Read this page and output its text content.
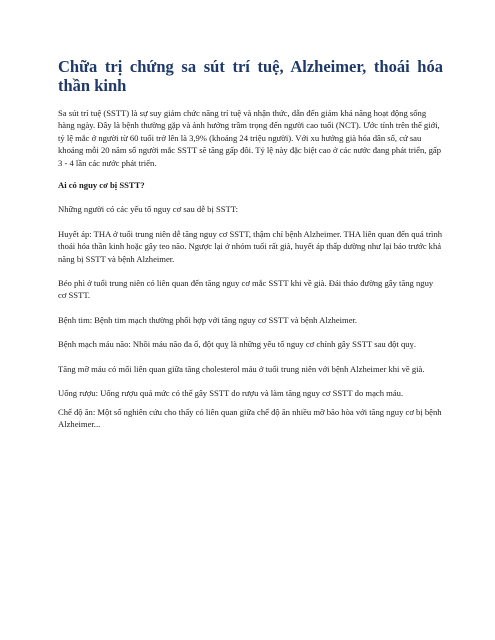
Chữa trị chứng sa sút trí tuệ, Alzheimer, thoái hóa thần kinh

Sa sút trí tuệ (SSTT) là sự suy giảm chức năng trí tuệ và nhận thức, dẫn đến giảm khả năng hoạt động sống hàng ngày. Đây là bệnh thường gặp và ảnh hưởng trầm trọng đến người cao tuổi (NCT). Ước tính trên thế giới, tỷ lệ mắc ở người từ 60 tuổi trở lên là 3,9% (khoảng 24 triệu người). Với xu hướng già hóa dân số, cứ sau khoảng mỗi 20 năm số người mắc SSTT sẽ tăng gấp đôi. Tỷ lệ này đặc biệt cao ở các nước đang phát triển, gấp 3 - 4 lần các nước phát triển.

Ai có nguy cơ bị SSTT?

Những người có các yếu tố nguy cơ sau dễ bị SSTT:

Huyết áp: THA ở tuổi trung niên dễ tăng nguy cơ SSTT, thậm chí bệnh Alzheimer. THA liên quan đến quá trình thoái hóa thần kinh hoặc gây teo não. Ngược lại ở nhóm tuổi rất già, huyết áp thấp dường như lại báo trước khả năng bị SSTT và bệnh Alzheimer.

Béo phì ở tuổi trung niên có liên quan đến tăng nguy cơ mắc SSTT khi về già. Đái tháo đường gây tăng nguy cơ SSTT.

Bệnh tim: Bệnh tim mạch thường phối hợp với tăng nguy cơ SSTT và bệnh Alzheimer.

Bệnh mạch máu não: Nhồi máu não đa ổ, đột quỵ là những yếu tố nguy cơ chính gây SSTT sau đột quỵ.

Tăng mỡ máu có mối liên quan giữa tăng cholesterol máu ở tuổi trung niên với bệnh Alzheimer khi về già.

Uống rượu: Uống rượu quá mức có thể gây SSTT do rượu và làm tăng nguy cơ SSTT do mạch máu.

Chế độ ăn: Một số nghiên cứu cho thấy có liên quan giữa chế độ ăn nhiều mỡ bão hòa với tăng nguy cơ bị bệnh Alzheimer...
